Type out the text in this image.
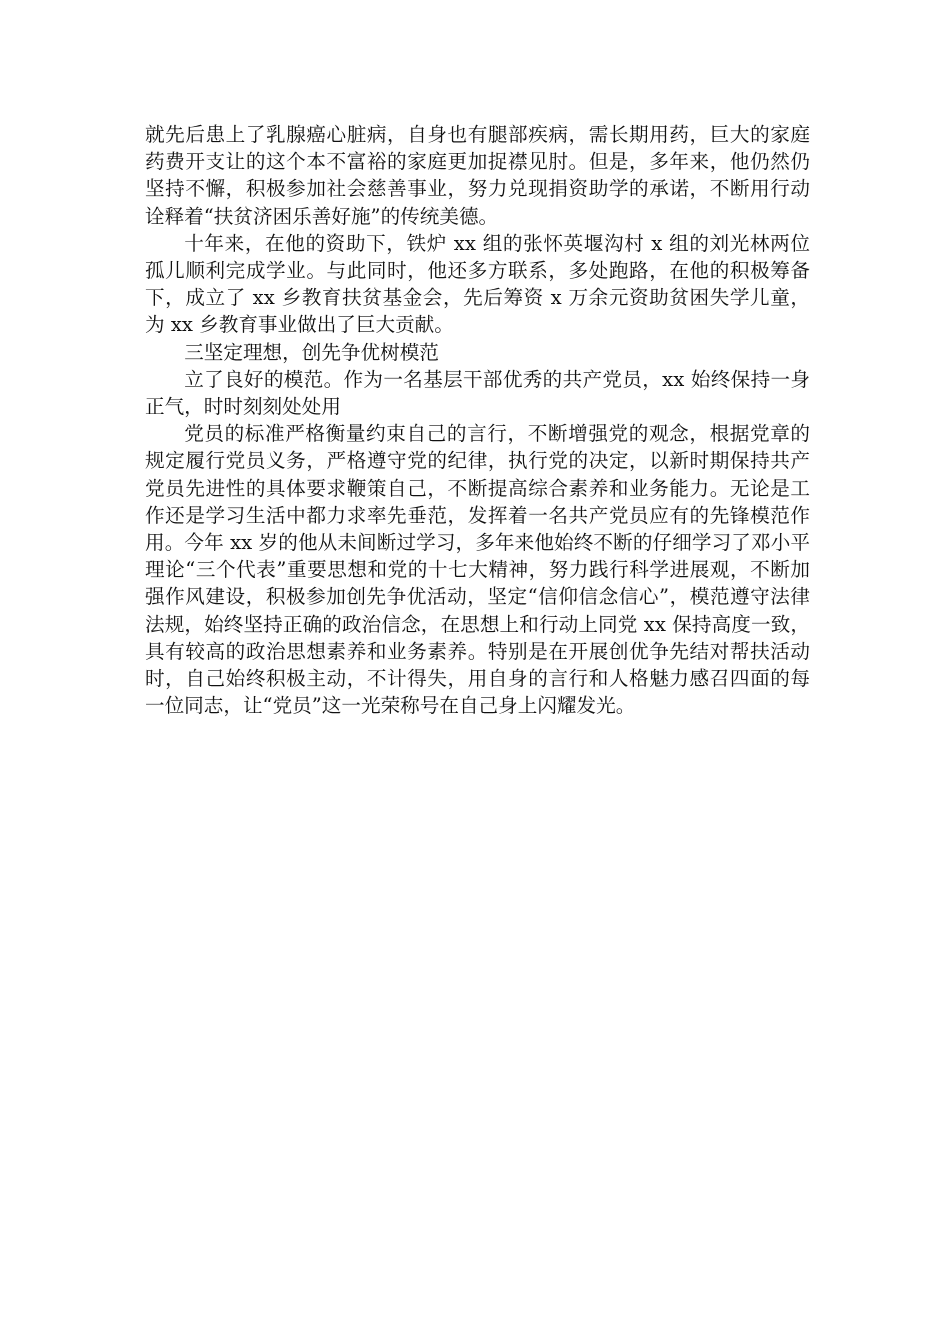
就先后患上了乳腺癌心脏病，自身也有腿部疾病，需长期用药，巨大的家庭药费开支让的这个本不富裕的家庭更加捉襟见肘。但是，多年来，他仍然仍坚持不懈，积极参加社会慈善事业，努力兑现捐资助学的承诺，不断用行动诠释着“扶贫济困乐善好施”的传统美德。

十年来，在他的资助下，铁炉 xx 组的张怀英堰沟村 x 组的刘光林两位孤儿顺利完成学业。与此同时，他还多方联系，多处跑路，在他的积极筹备下，成立了 xx 乡教育扶贫基金会，先后筹资 x 万余元资助贫困失学儿童，为 xx 乡教育事业做出了巨大贡献。

三坚定理想，创先争优树模范

立了良好的模范。作为一名基层干部优秀的共产党员，xx 始终保持一身正气，时时刻刻处处用

党员的标准严格衡量约束自己的言行，不断增强党的观念，根据党章的规定履行党员义务，严格遵守党的纪律，执行党的决定，以新时期保持共产党员先进性的具体要求鞭策自己，不断提高综合素养和业务能力。无论是工作还是学习生活中都力求率先垂范，发挥着一名共产党员应有的先锋模范作用。今年 xx 岁的他从未间断过学习，多年来他始终不断的仔细学习了邓小平理论“三个代表”重要思想和党的十七大精神，努力践行科学进展观，不断加强作风建设，积极参加创先争优活动，坚定“信仰信念信心”，模范遵守法律法规，始终坚持正确的政治信念，在思想上和行动上同党 xx 保持高度一致，具有较高的政治思想素养和业务素养。特别是在开展创优争先结对帮扶活动时，自己始终积极主动，不计得失，用自身的言行和人格魅力感召四面的每一位同志，让“党员”这一光荣称号在自己身上闪耀发光。
